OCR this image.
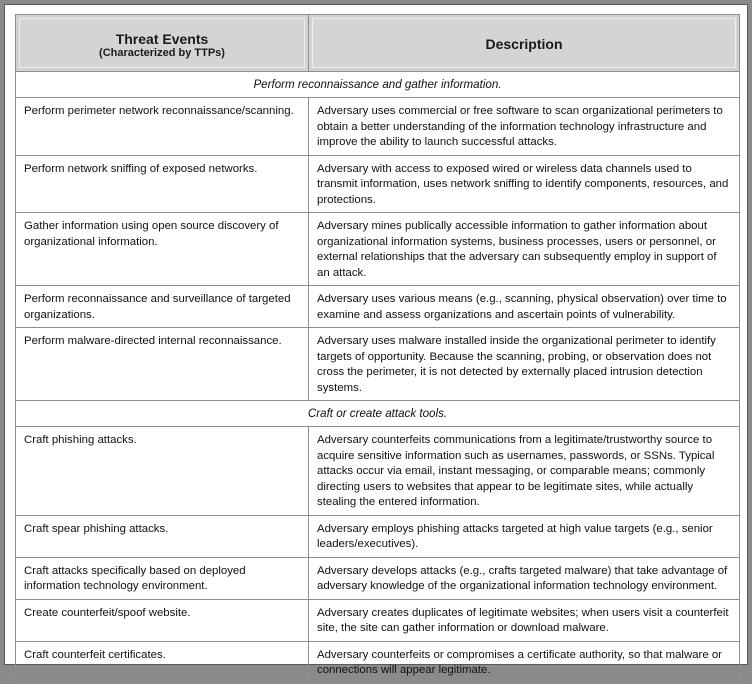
Threat Events
(Characterized by TTPs)	Description

Perform reconnaissance and gather information.	
Perform perimeter network reconnaissance/scanning.	Adversary uses commercial or free software to scan organizational perimeters to obtain a better understanding of the information technology infrastructure and improve the ability to launch successful attacks.
Perform network sniffing of exposed networks.	Adversary with access to exposed wired or wireless data channels used to transmit information, uses network sniffing to identify components, resources, and protections.
Gather information using open source discovery of organizational information.	Adversary mines publically accessible information to gather information about organizational information systems, business processes, users or personnel, or external relationships that the adversary can subsequently employ in support of an attack.
Perform reconnaissance and surveillance of targeted organizations.	Adversary uses various means (e.g., scanning, physical observation) over time to examine and assess organizations and ascertain points of vulnerability.
Perform malware-directed internal reconnaissance.	Adversary uses malware installed inside the organizational perimeter to identify targets of opportunity. Because the scanning, probing, or observation does not cross the perimeter, it is not detected by externally placed intrusion detection systems.
Craft or create attack tools.	
Craft phishing attacks.	Adversary counterfeits communications from a legitimate/trustworthy source to acquire sensitive information such as usernames, passwords, or SSNs. Typical attacks occur via email, instant messaging, or comparable means; commonly directing users to websites that appear to be legitimate sites, while actually stealing the entered information.
Craft spear phishing attacks.	Adversary employs phishing attacks targeted at high value targets (e.g., senior leaders/executives).
Craft attacks specifically based on deployed information technology environment.	Adversary develops attacks (e.g., crafts targeted malware) that take advantage of adversary knowledge of the organizational information technology environment.
Create counterfeit/spoof website.	Adversary creates duplicates of legitimate websites; when users visit a counterfeit site, the site can gather information or download malware.
Craft counterfeit certificates.	Adversary counterfeits or compromises a certificate authority, so that malware or connections will appear legitimate.
